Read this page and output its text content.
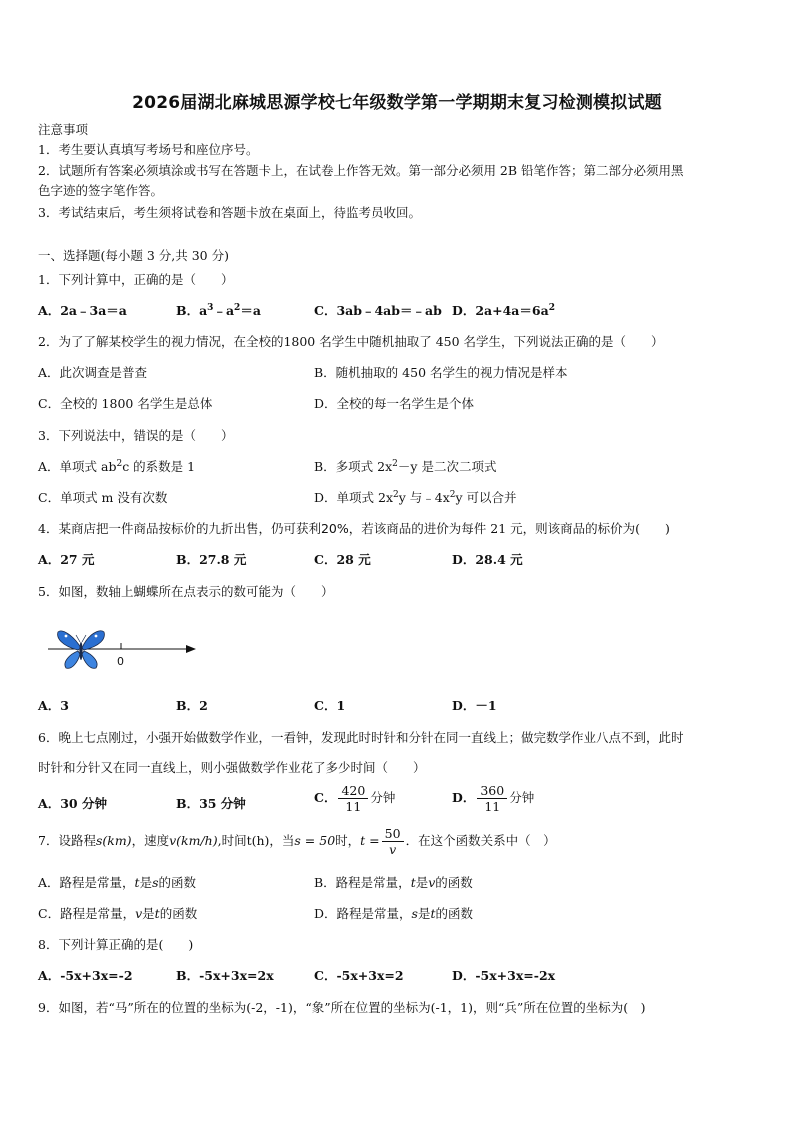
2026届湖北麻城思源学校七年级数学第一学期期末复习检测模拟试题
注意事项
1．考生要认真填写考场号和座位序号。
2．试题所有答案必须填涂或书写在答题卡上，在试卷上作答无效。第一部分必须用 2B 铅笔作答；第二部分必须用黑
色字迹的签字笔作答。
3．考试结束后，考生须将试卷和答题卡放在桌面上，待监考员收回。
一、选择题(每小题 3 分,共 30 分)
1．下列计算中，正确的是（　　）
A．2a﹣3a＝a	B．$a^3﹣a^2=a$	C．3ab﹣4ab＝﹣ab D．$2a+4a=6a^2$
2．为了了解某校学生的视力情况，在全校的1800 名学生中随机抽取了 450 名学生，下列说法正确的是（　　）
A．此次调查是普查	B．随机抽取的 450 名学生的视力情况是样本
C．全校的 1800 名学生是总体	D．全校的每一名学生是个体
3．下列说法中，错误的是（　　）
A．单项式 $ab^2c$ 的系数是 1	B．多项式 $2x^2-y$ 是二次二项式
C．单项式 m 没有次数	D．单项式 $2x^2y$ 与$﹣4x^2y$ 可以合并
4．某商店把一件商品按标价的九折出售，仍可获利20%，若该商品的进价为每件 21 元，则该商品的标价为(　　)
A．27 元	B．27.8 元	C．28 元	D．28.4 元
5．如图，数轴上蝴蝶所在点表示的数可能为（　　）
0
A．3	B．2	C．1	D．－1
6．晚上七点刚过，小强开始做数学作业，一看钟，发现此时时针和分针在同一直线上；做完数学作业八点不到，此时
时针和分针又在同一直线上，则小强做数学作业花了多少时间（　　）
A．30 分钟	B．35 分钟	C． $\frac{420}{11}$ 分钟	D． $\frac{360}{11}$ 分钟
7．设路程s(km)，速度v(km/h),时间t(h)，当s = 50时，$t = \frac{50}{v}$ ．在这个函数关系中（　）
A．路程是常量，t是s的函数	B．路程是常量，t是v的函数
C．路程是常量，v是t的函数	D．路程是常量，s是t的函数
8．下列计算正确的是(　　)
A．-5x+3x=-2	B．-5x+3x=2x	C．-5x+3x=2	D．-5x+3x=-2x
9．如图，若“马”所在的位置的坐标为(-2，-1)，“象”所在位置的坐标为(-1，1)，则“兵”所在位置的坐标为(　)
